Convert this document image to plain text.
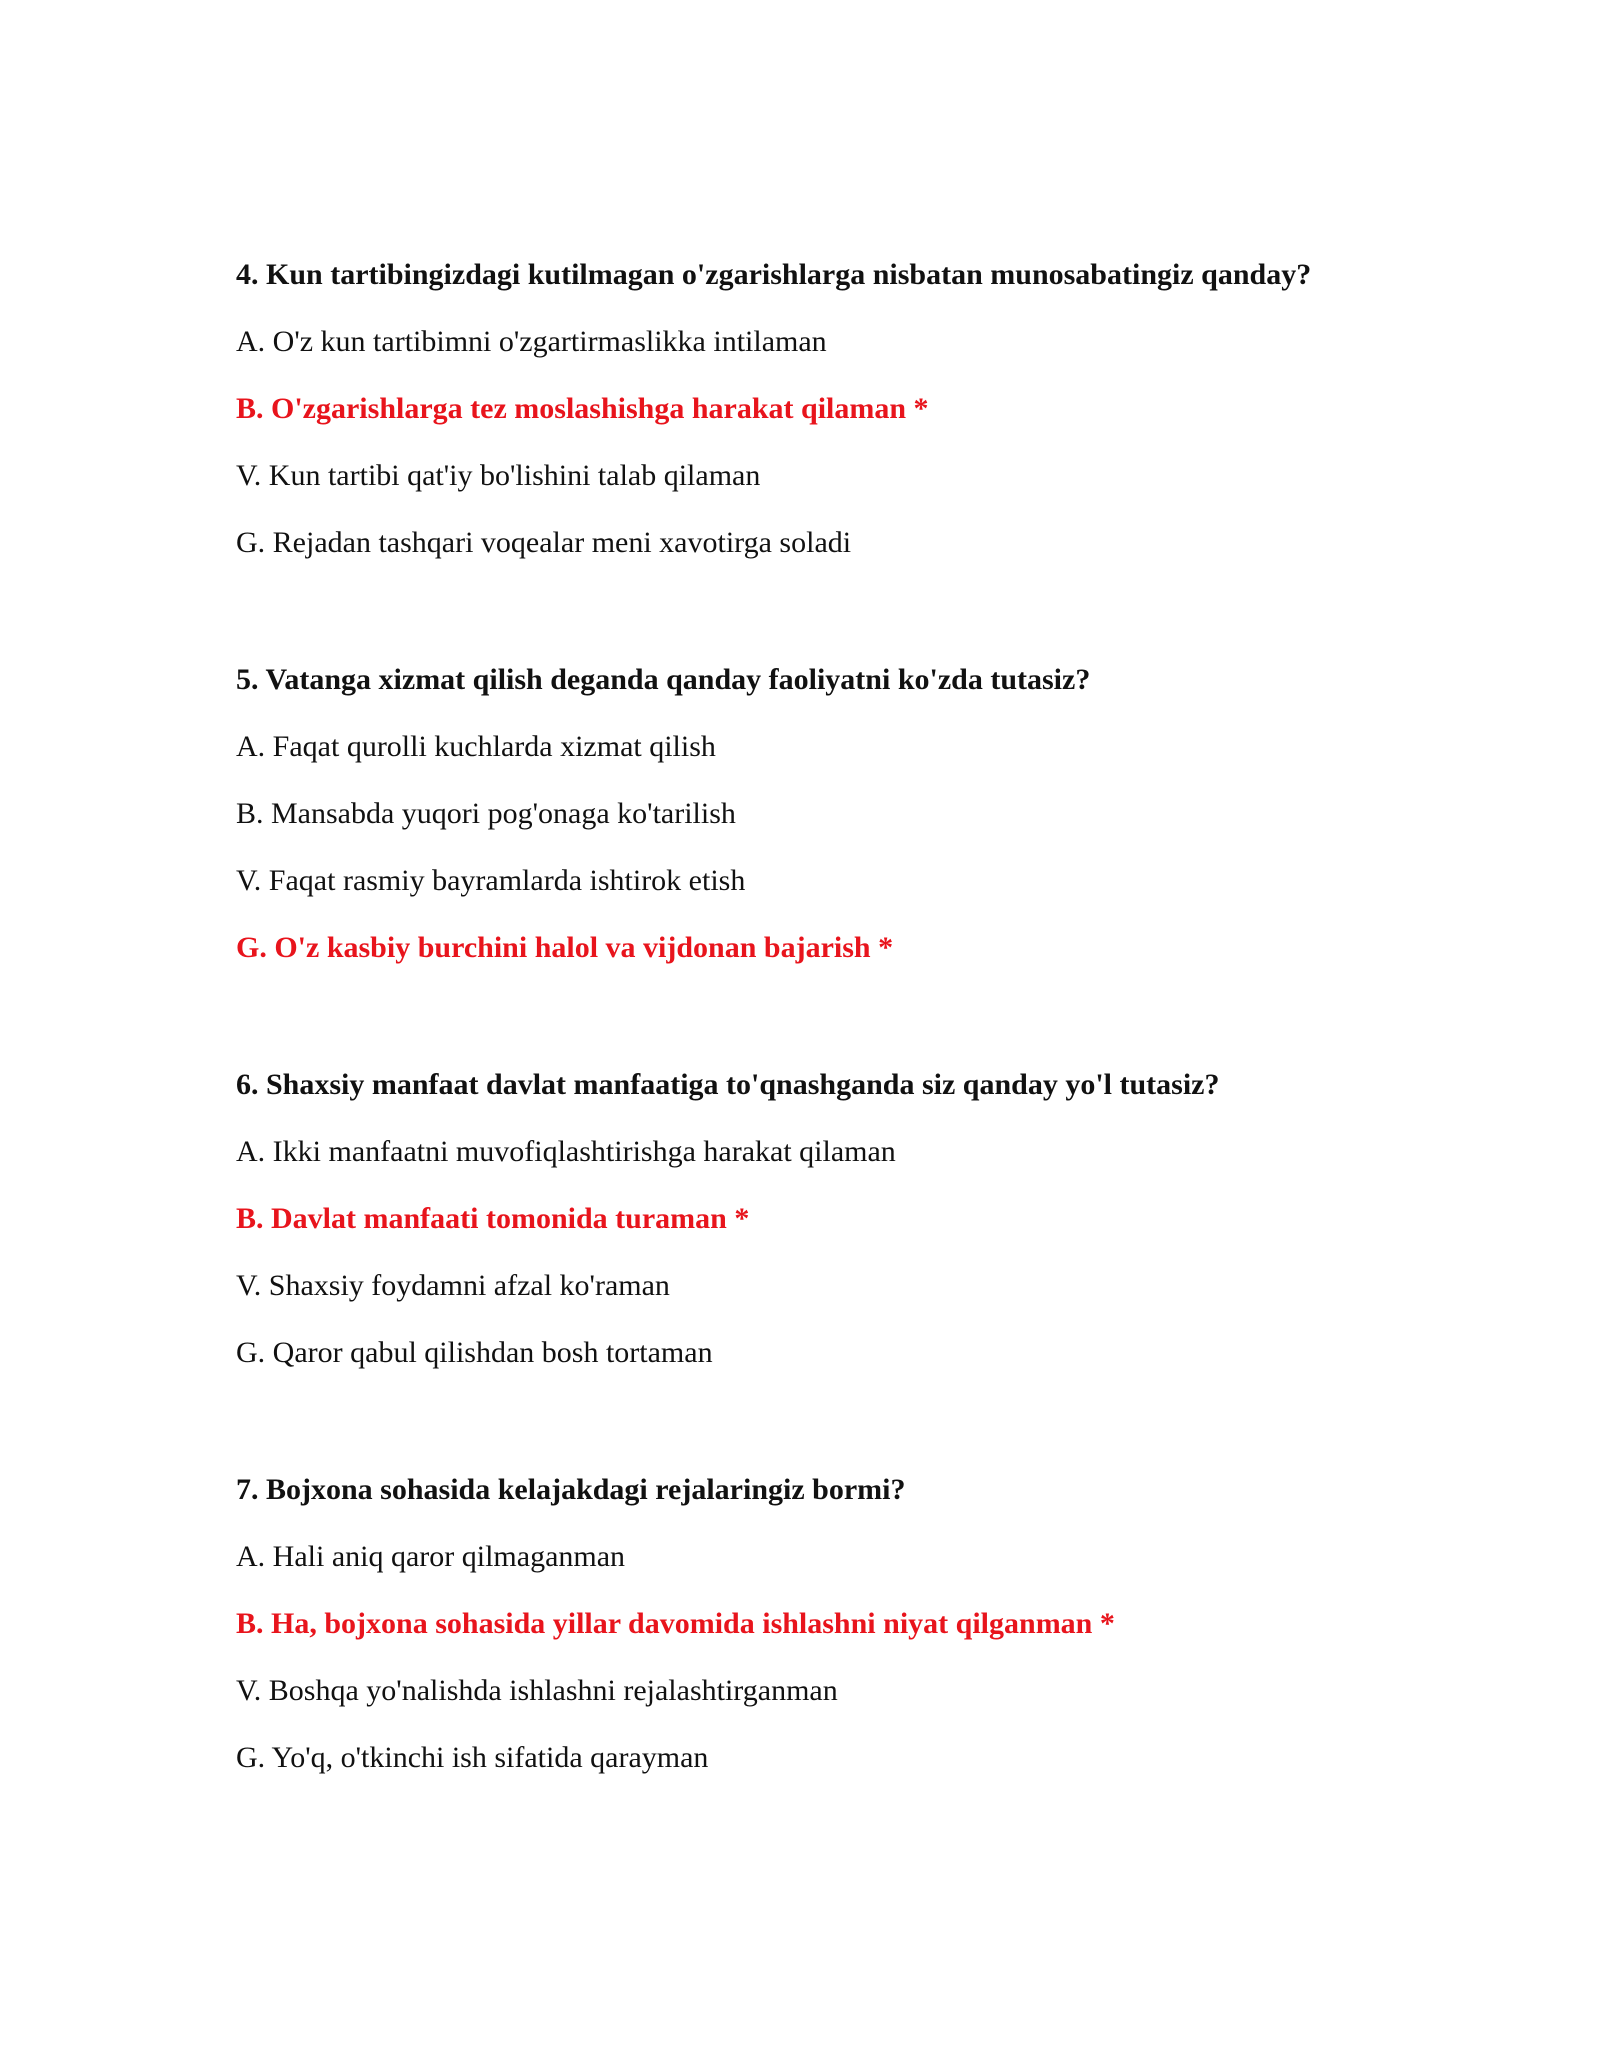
4. Kun tartibingizdagi kutilmagan o'zgarishlarga nisbatan munosabatingiz qanday?

A. O'z kun tartibimni o'zgartirmaslikka intilaman

B. O'zgarishlarga tez moslashishga harakat qilaman *

V. Kun tartibi qat'iy bo'lishini talab qilaman

G. Rejadan tashqari voqealar meni xavotirga soladi

5. Vatanga xizmat qilish deganda qanday faoliyatni ko'zda tutasiz?

A. Faqat qurolli kuchlarda xizmat qilish

B. Mansabda yuqori pog'onaga ko'tarilish

V. Faqat rasmiy bayramlarda ishtirok etish

G. O'z kasbiy burchini halol va vijdonan bajarish *

6. Shaxsiy manfaat davlat manfaatiga to'qnashganda siz qanday yo'l tutasiz?

A. Ikki manfaatni muvofiqlashtirishga harakat qilaman

B. Davlat manfaati tomonida turaman *

V. Shaxsiy foydamni afzal ko'raman

G. Qaror qabul qilishdan bosh tortaman

7. Bojxona sohasida kelajakdagi rejalaringiz bormi?

A. Hali aniq qaror qilmaganman

B. Ha, bojxona sohasida yillar davomida ishlashni niyat qilganman *

V. Boshqa yo'nalishda ishlashni rejalashtirganman

G. Yo'q, o'tkinchi ish sifatida qarayman
